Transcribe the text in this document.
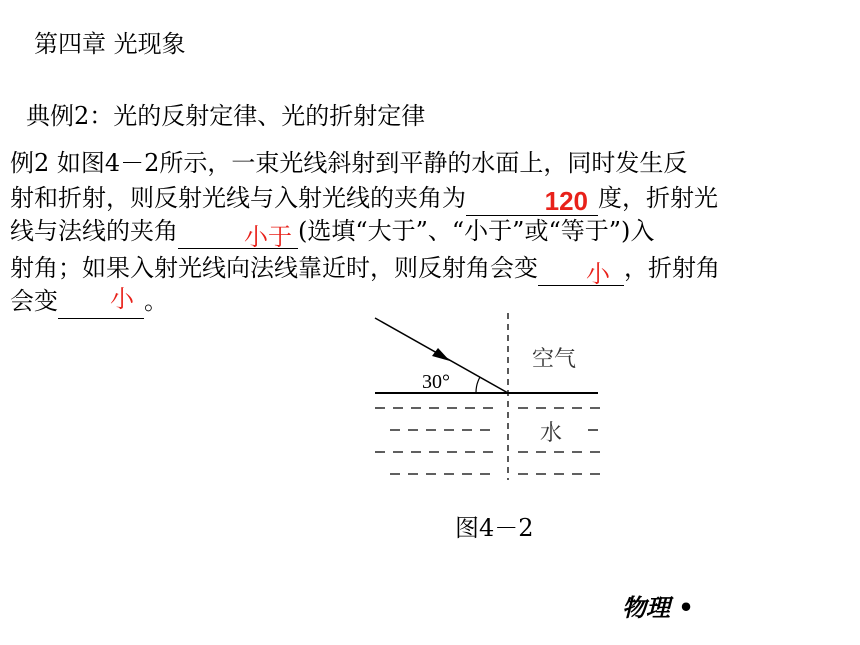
第四章 光现象
典例2：光的反射定律、光的折射定律
例2 如图4－2所示，一束光线斜射到平静的水面上，同时发生反
射和折射，则反射光线与入射光线的夹角为	120 度，折射光
线与法线的夹角	小于 (选填“大于”、“小于”或“等于”)入
射角；如果入射光线向法线靠近时，则反射角会变 小 ，折射角
会变 小 。
30°
空气
水
图4－2
物理 •
